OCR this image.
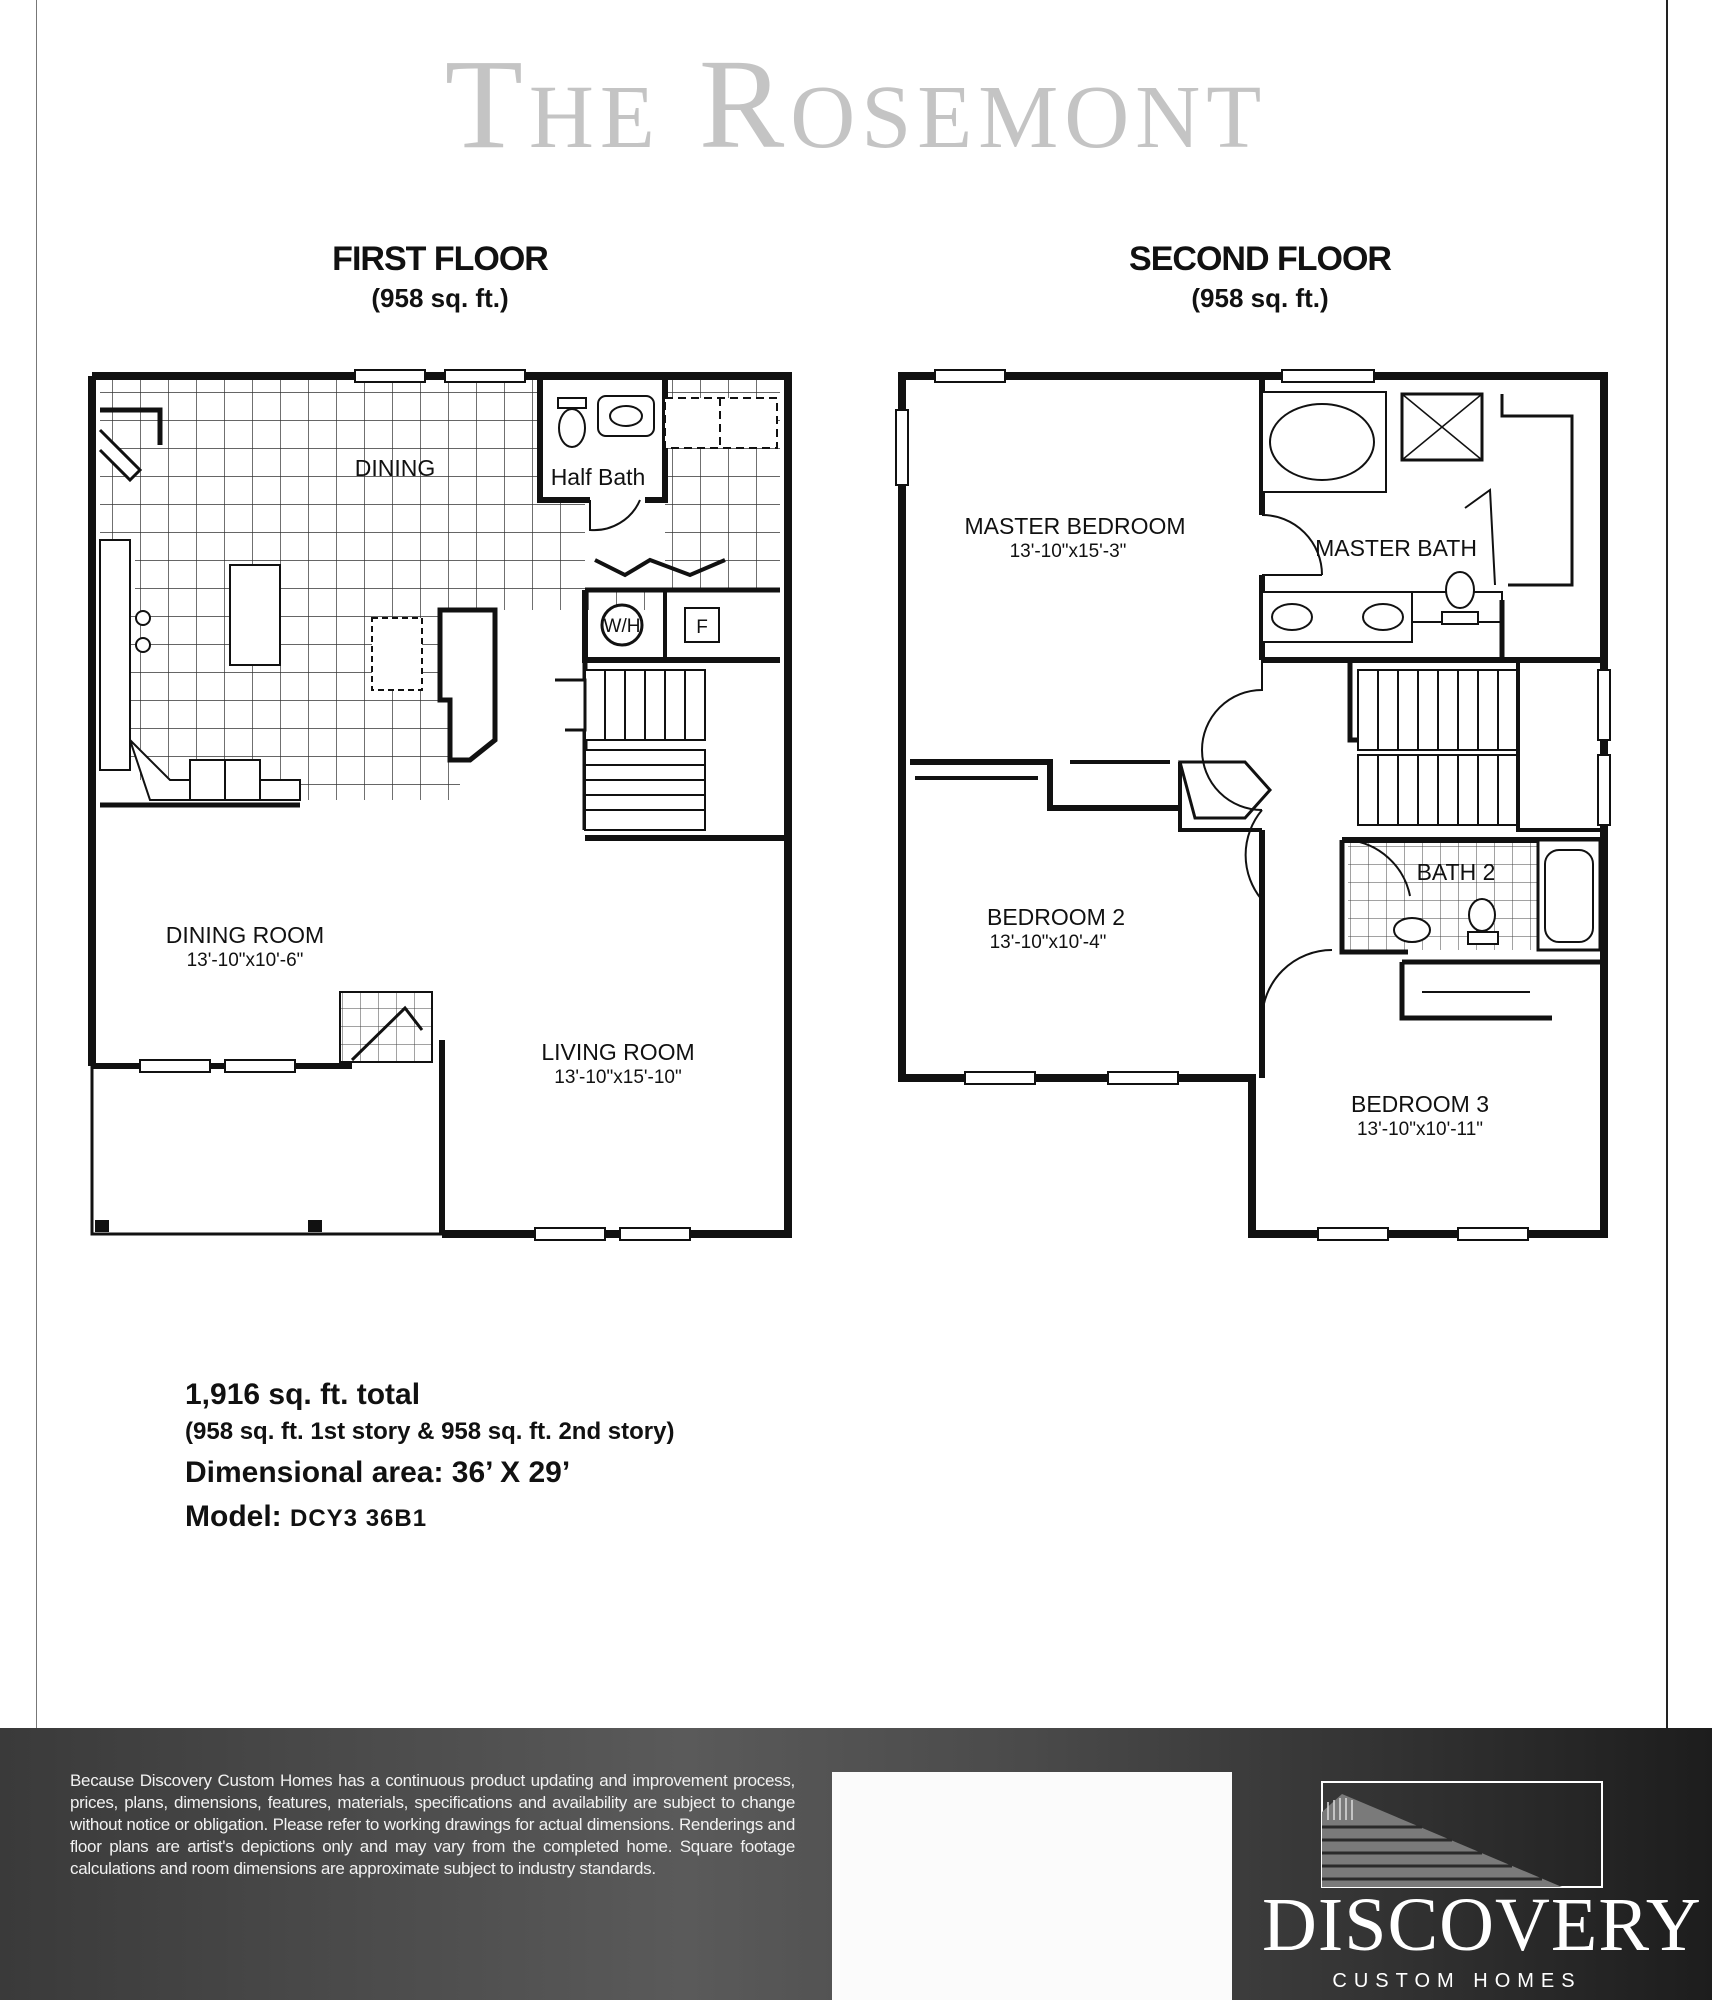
The Rosemont
FIRST FLOOR
(958 sq. ft.)
SECOND FLOOR
(958 sq. ft.)
DINING	Half Bath
W/H	F
DINING ROOM
13'-10"x10'-6"
LIVING ROOM
13'-10"x15'-10"
MASTER BEDROOM
13'-10"x15'-3"	MASTER BATH
BATH 2
BEDROOM 2
13'-10"x10'-4"
BEDROOM 3
13'-10"x10'-11"
1,916 sq. ft. total
(958 sq. ft. 1st story & 958 sq. ft. 2nd story)
Dimensional area: 36’ X 29’
Model: DCY3 36B1
Because Discovery Custom Homes has a continuous product updating and improvement process, prices, plans, dimensions, features, materials, specifications and availability are subject to change without notice or obligation. Please refer to working drawings for actual dimensions. Renderings and floor plans are artist's depictions only and may vary from the completed home. Square footage calculations and room dimensions are approximate subject to industry standards.
DISCOVERY
CUSTOM HOMES
